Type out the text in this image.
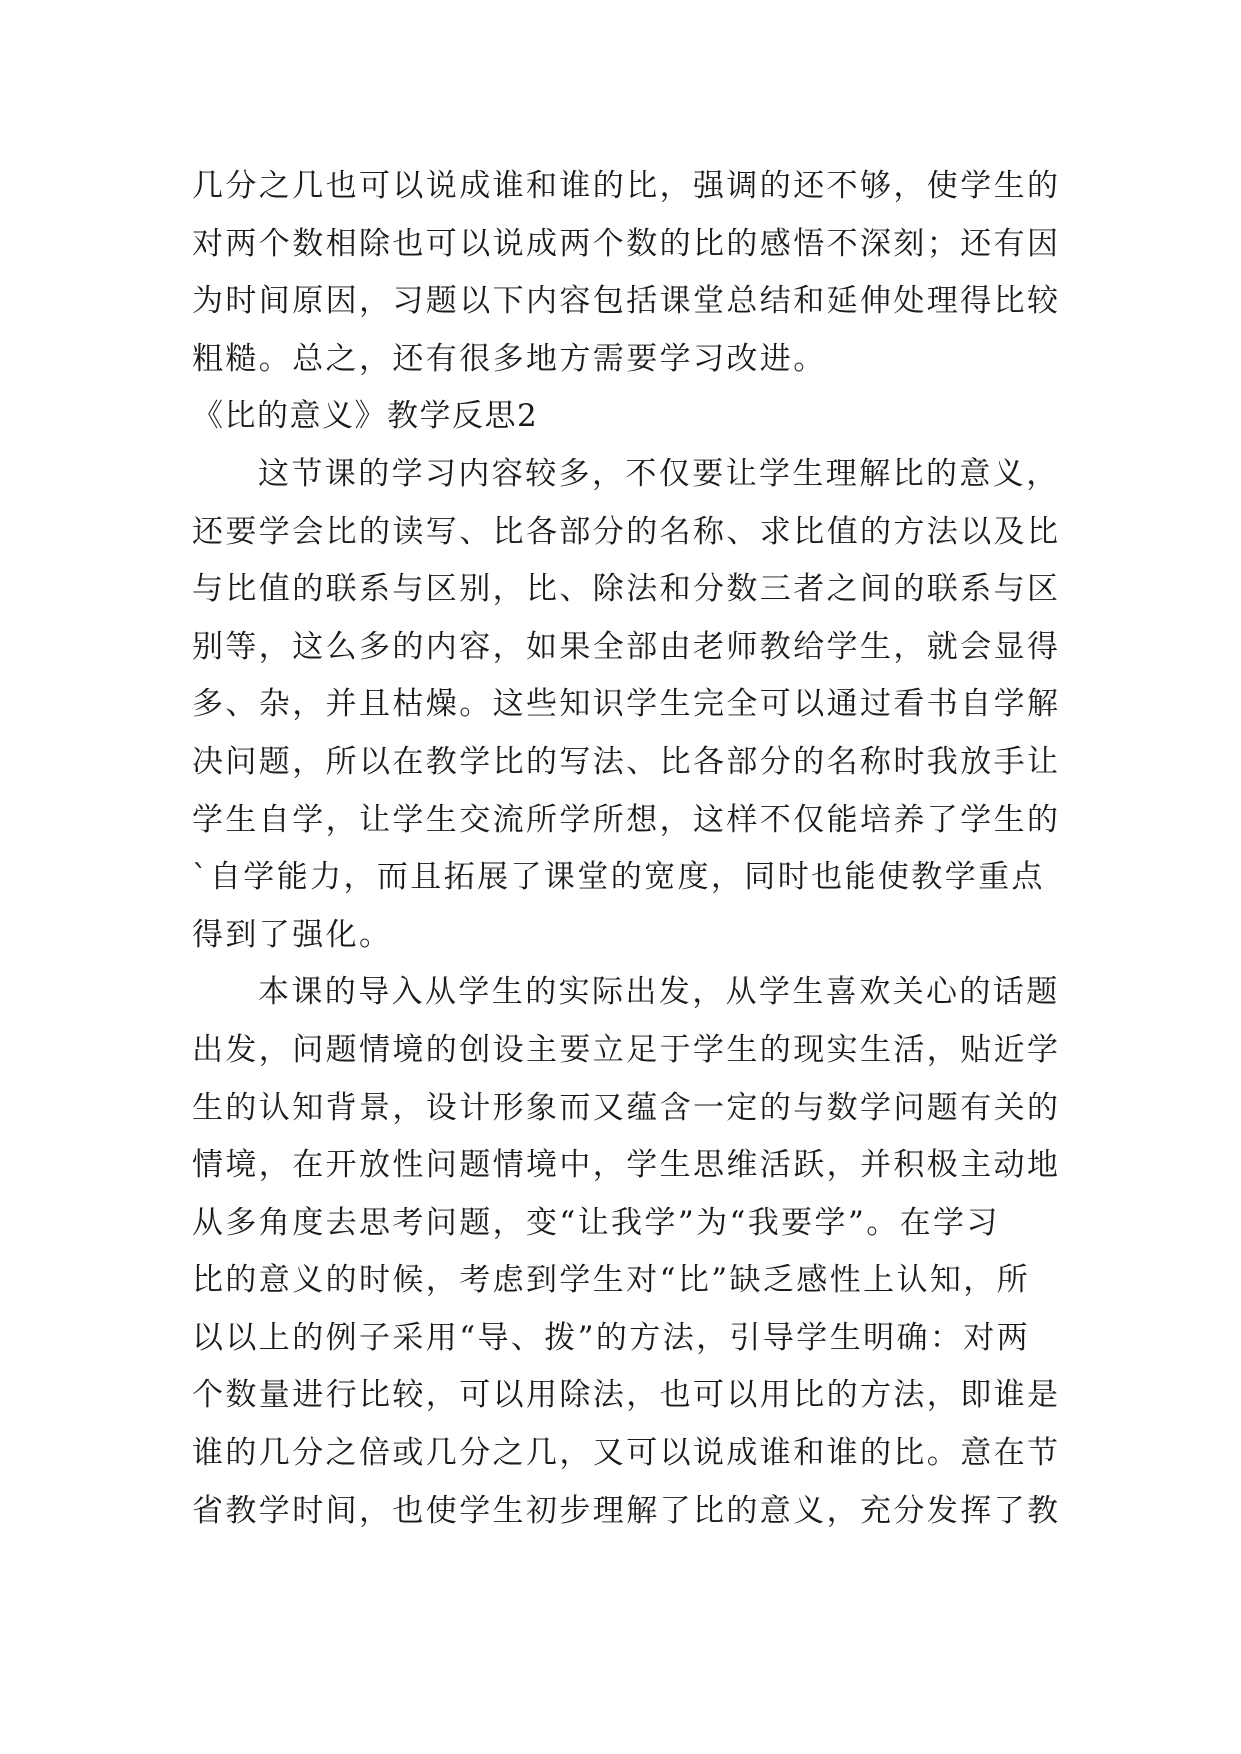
几分之几也可以说成谁和谁的比，强调的还不够，使学生的
对两个数相除也可以说成两个数的比的感悟不深刻；还有因
为时间原因，习题以下内容包括课堂总结和延伸处理得比较
粗糙。总之，还有很多地方需要学习改进。
《比的意义》教学反思2
这节课的学习内容较多，不仅要让学生理解比的意义，
还要学会比的读写、比各部分的名称、求比值的方法以及比
与比值的联系与区别，比、除法和分数三者之间的联系与区
别等，这么多的内容，如果全部由老师教给学生，就会显得
多、杂，并且枯燥。这些知识学生完全可以通过看书自学解
决问题，所以在教学比的写法、比各部分的名称时我放手让
学生自学，让学生交流所学所想，这样不仅能培养了学生的
`自学能力，而且拓展了课堂的宽度，同时也能使教学重点
得到了强化。
本课的导入从学生的实际出发，从学生喜欢关心的话题
出发，问题情境的创设主要立足于学生的现实生活，贴近学
生的认知背景，设计形象而又蕴含一定的与数学问题有关的
情境，在开放性问题情境中，学生思维活跃，并积极主动地
从多角度去思考问题，变“让我学”为“我要学”。在学习
比的意义的时候，考虑到学生对“比”缺乏感性上认知，所
以以上的例子采用“导、拨”的方法，引导学生明确：对两
个数量进行比较，可以用除法，也可以用比的方法，即谁是
谁的几分之倍或几分之几，又可以说成谁和谁的比。意在节
省教学时间，也使学生初步理解了比的意义，充分发挥了教
